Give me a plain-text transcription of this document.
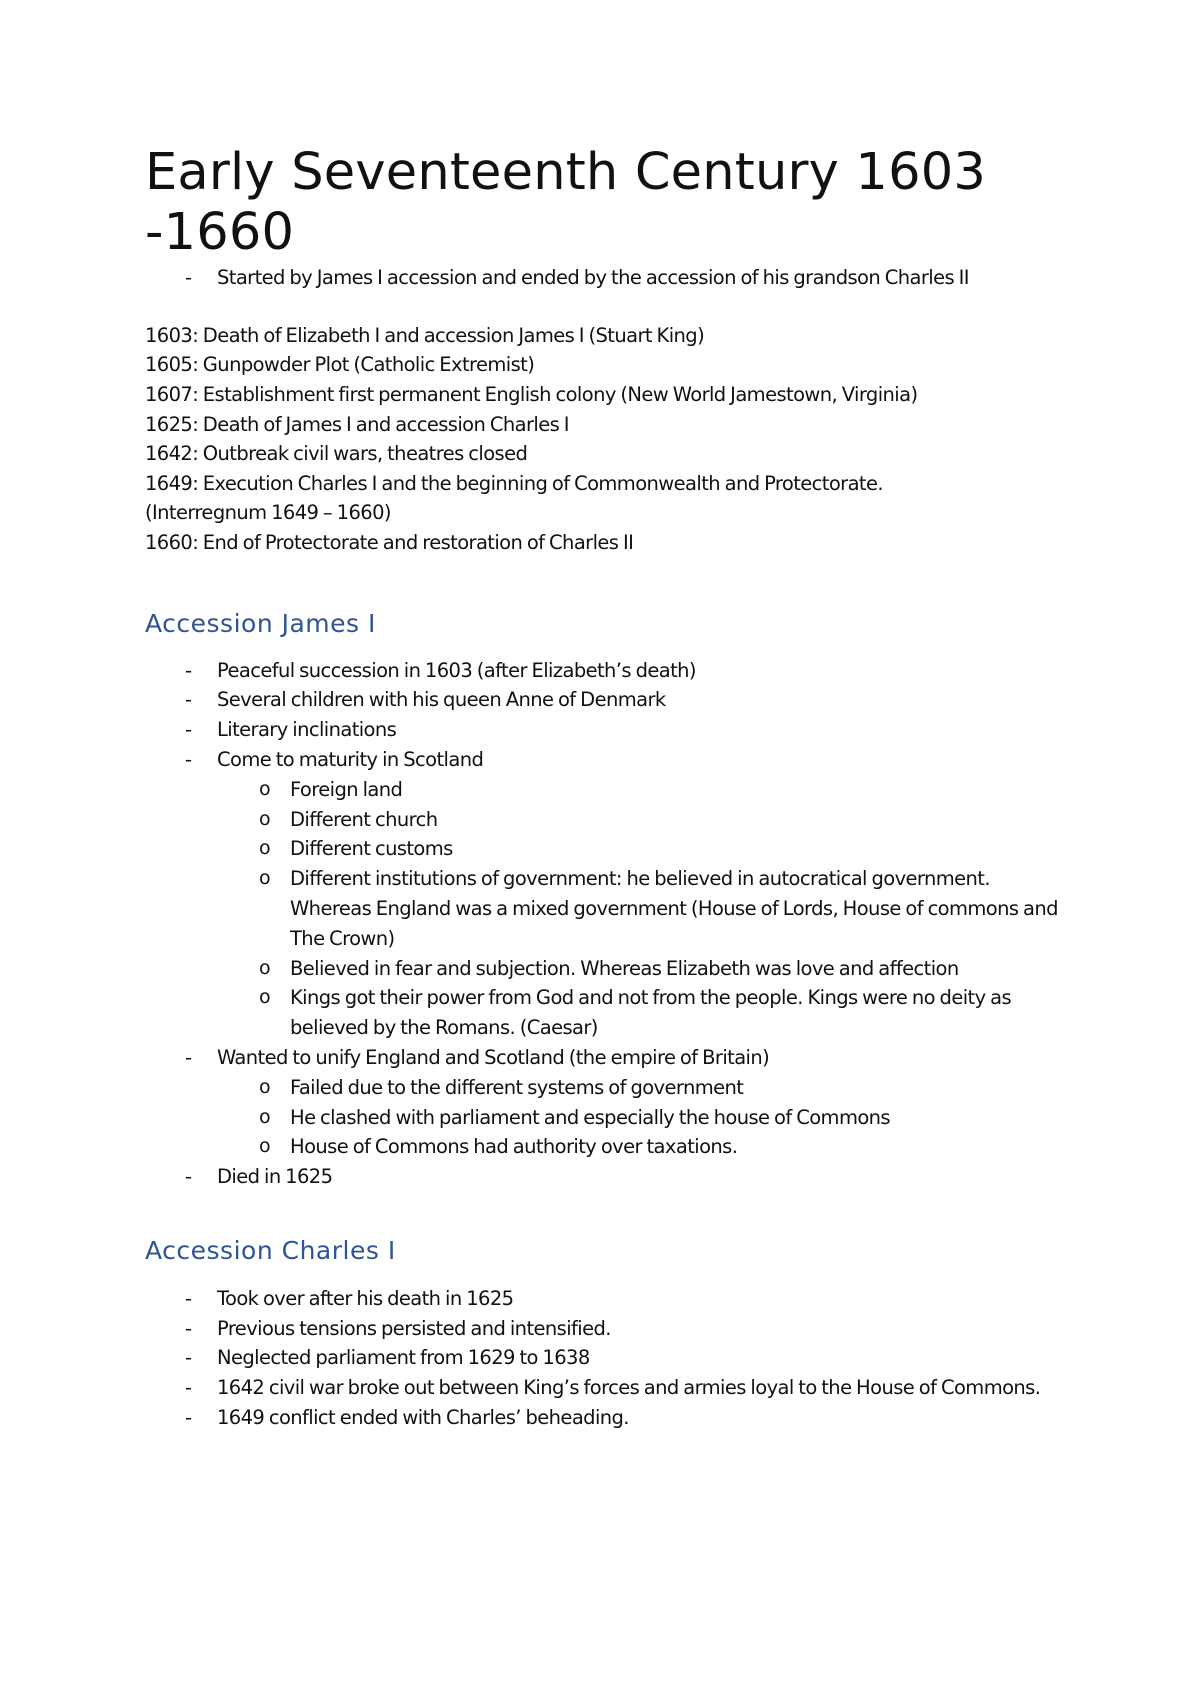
Early Seventeenth Century 1603 -1660
- Started by James I accession and ended by the accession of his grandson Charles II
1603: Death of Elizabeth I and accession James I (Stuart King)
1605: Gunpowder Plot (Catholic Extremist)
1607: Establishment first permanent English colony (New World Jamestown, Virginia)
1625: Death of James I and accession Charles I
1642: Outbreak civil wars, theatres closed
1649: Execution Charles I and the beginning of Commonwealth and Protectorate.
(Interregnum 1649 – 1660)
1660: End of Protectorate and restoration of Charles II
Accession James I
- Peaceful succession in 1603 (after Elizabeth’s death)
- Several children with his queen Anne of Denmark
- Literary inclinations
- Come to maturity in Scotland
o Foreign land
o Different church
o Different customs
o Different institutions of government: he believed in autocratical government. Whereas England was a mixed government (House of Lords, House of commons and The Crown)
o Believed in fear and subjection. Whereas Elizabeth was love and affection
o Kings got their power from God and not from the people. Kings were no deity as believed by the Romans. (Caesar)
- Wanted to unify England and Scotland (the empire of Britain)
o Failed due to the different systems of government
o He clashed with parliament and especially the house of Commons
o House of Commons had authority over taxations.
- Died in 1625
Accession Charles I
- Took over after his death in 1625
- Previous tensions persisted and intensified.
- Neglected parliament from 1629 to 1638
- 1642 civil war broke out between King’s forces and armies loyal to the House of Commons.
- 1649 conflict ended with Charles’ beheading.
